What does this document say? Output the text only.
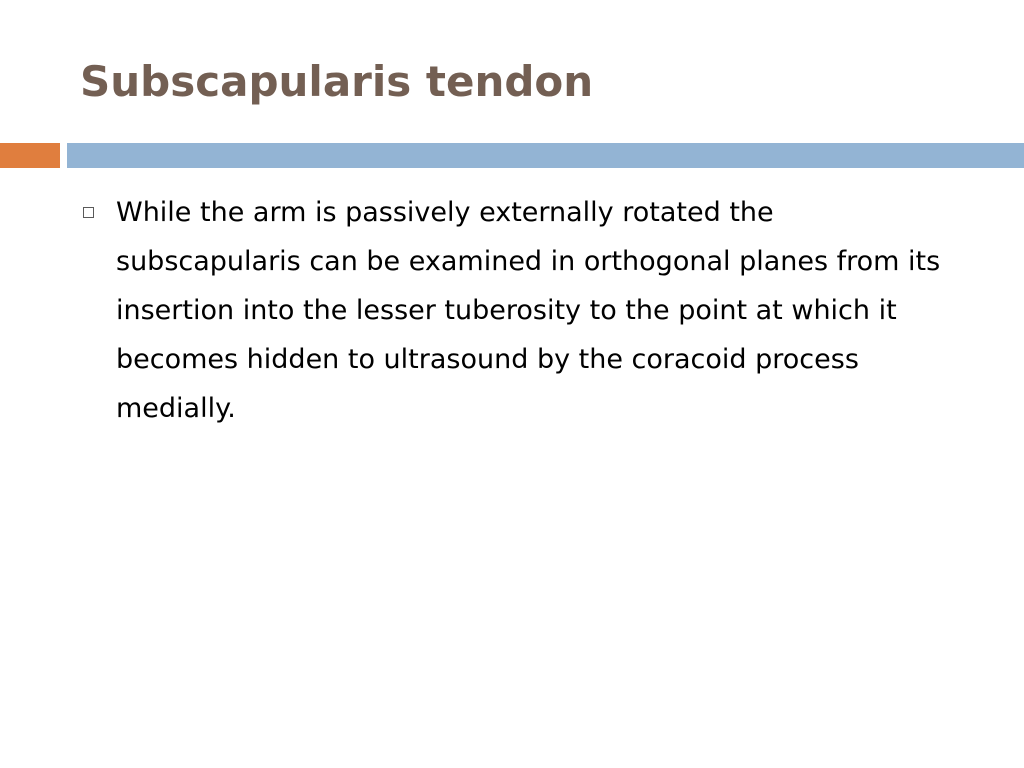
Subscapularis tendon

While the arm is passively externally rotated the subscapularis can be examined in orthogonal planes from its insertion into the lesser tuberosity to the point at which it becomes hidden to ultrasound by the coracoid process medially.
